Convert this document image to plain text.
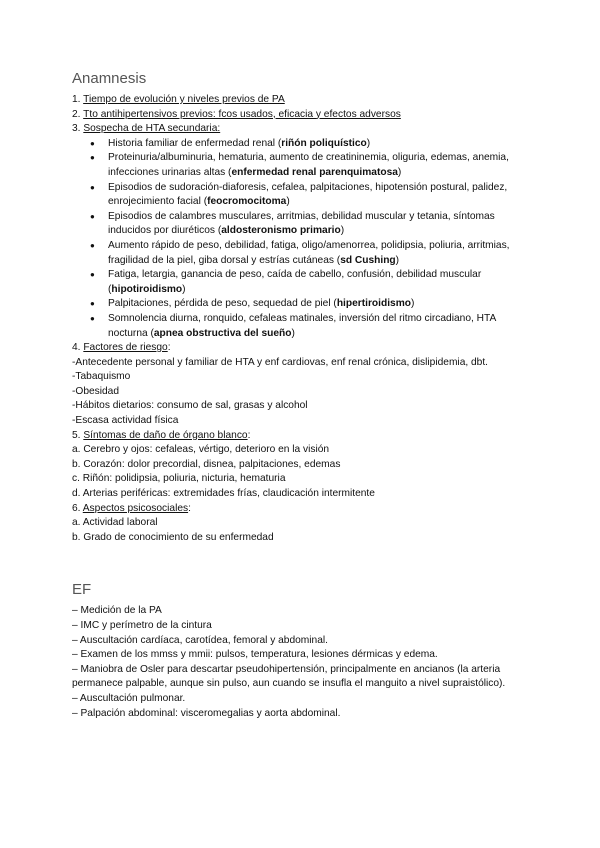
Anamnesis

1. Tiempo de evolución y niveles previos de PA

2. Tto antihipertensivos previos: fcos usados, eficacia y efectos adversos

3. Sospecha de HTA secundaria:

● Historia familiar de enfermedad renal (riñón poliquístico)
● Proteinuria/albuminuria, hematuria, aumento de creatininemia, oliguria, edemas, anemia, infecciones urinarias altas (enfermedad renal parenquimatosa)
● Episodios de sudoración-diaforesis, cefalea, palpitaciones, hipotensión postural, palidez, enrojecimiento facial (feocromocitoma)
● Episodios de calambres musculares, arritmias, debilidad muscular y tetania, síntomas inducidos por diuréticos (aldosteronismo primario)
● Aumento rápido de peso, debilidad, fatiga, oligo/amenorrea, polidipsia, poliuria, arritmias, fragilidad de la piel, giba dorsal y estrías cutáneas (sd Cushing)
● Fatiga, letargia, ganancia de peso, caída de cabello, confusión, debilidad muscular (hipotiroidismo)
● Palpitaciones, pérdida de peso, sequedad de piel (hipertiroidismo)
● Somnolencia diurna, ronquido, cefaleas matinales, inversión del ritmo circadiano, HTA nocturna (apnea obstructiva del sueño)

4. Factores de riesgo:

-Antecedente personal y familiar de HTA y enf cardiovas, enf renal crónica, dislipidemia, dbt.

-Tabaquismo

-Obesidad

-Hábitos dietarios: consumo de sal, grasas y alcohol

-Escasa actividad física

5. Síntomas de daño de órgano blanco:

a. Cerebro y ojos: cefaleas, vértigo, deterioro en la visión

b. Corazón: dolor precordial, disnea, palpitaciones, edemas

c. Riñón: polidipsia, poliuria, nicturia, hematuria

d. Arterias periféricas: extremidades frías, claudicación intermitente

6. Aspectos psicosociales:

a. Actividad laboral

b. Grado de conocimiento de su enfermedad

EF

– Medición de la PA

– IMC y perímetro de la cintura

– Auscultación cardíaca, carotídea, femoral y abdominal.

– Examen de los mmss y mmii: pulsos, temperatura, lesiones dérmicas y edema.

– Maniobra de Osler para descartar pseudohipertensión, principalmente en ancianos (la arteria permanece palpable, aunque sin pulso, aun cuando se insufla el manguito a nivel supraistólico).

– Auscultación pulmonar.

– Palpación abdominal: visceromegalias y aorta abdominal.
